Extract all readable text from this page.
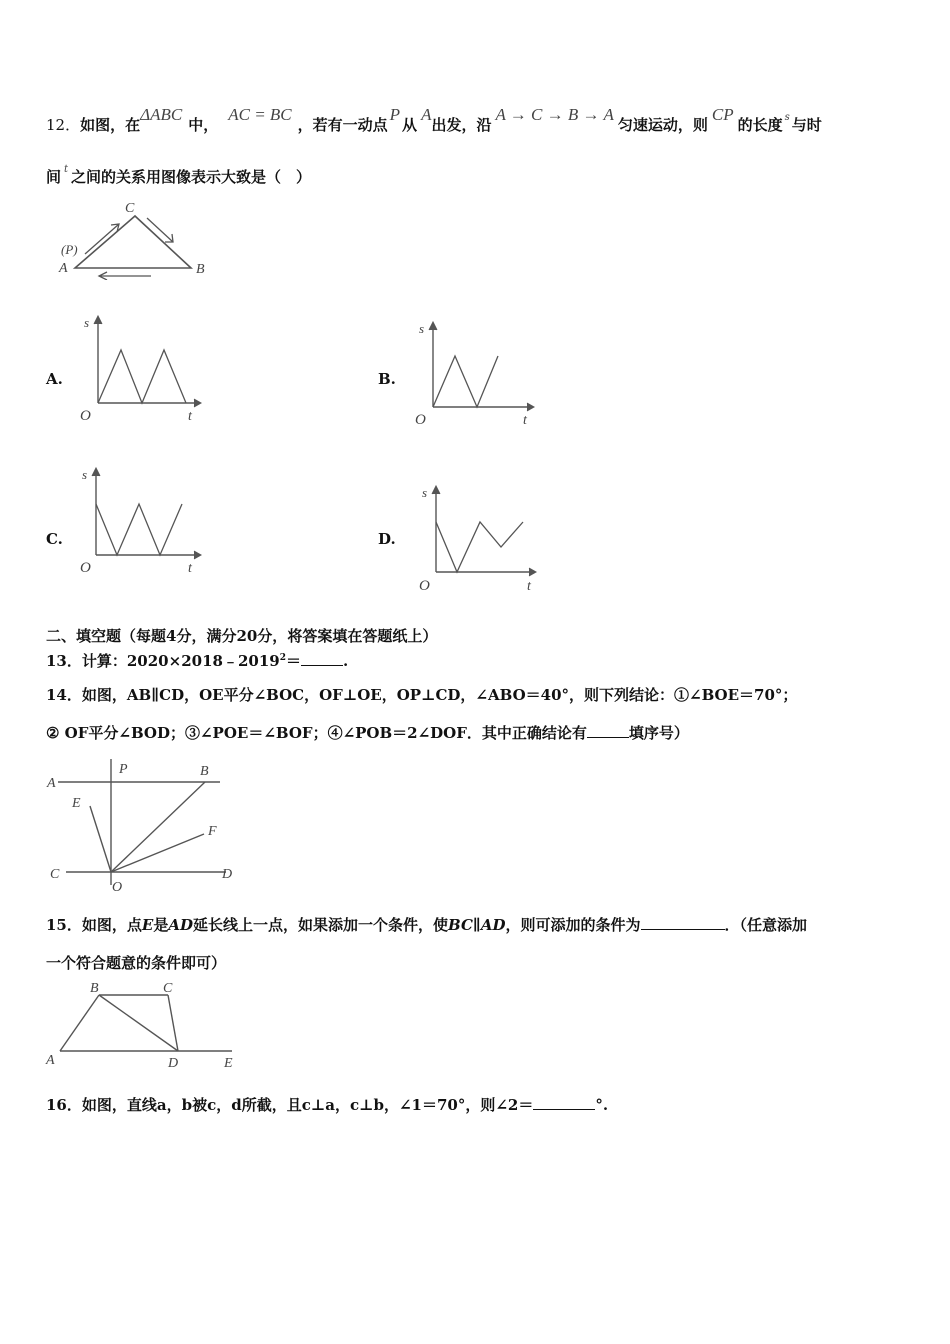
12．如图，在ΔABC中，AC = BC，若有一动点P从A出发，沿A → C → B → A匀速运动，则CP的长度 $^s$ 与时
间 $^t$ 之间的关系用图像表示大致是（　）
C
(P)
A	B
A.	B.
C.	D.
s
O	t
s
O	t
s
O	t
s
O	t
二、填空题（每题4分，满分20分，将答案填在答题纸上）
13．计算：$2020\times 2018﹣2019^2=$	.
14．如图，AB∥CD，OE平分∠BOC，OF⊥OE，OP⊥CD，∠ABO＝40°，则下列结论：①∠BOE＝70°；
② OF平分∠BOD；③∠POE＝∠BOF；④∠POB＝2∠DOF．其中正确结论有	填序号）
A
P	B
E
F
C
O
D
15．如图，点E是AD延长线上一点，如果添加一个条件，使BC∥AD，则可添加的条件为	．（任意添加
一个符合题意的条件即可）
A
B	C
D	E
16．如图，直线a，b被c，d所截，且c⊥a，c⊥b，∠1＝70°，则∠2＝	°.
